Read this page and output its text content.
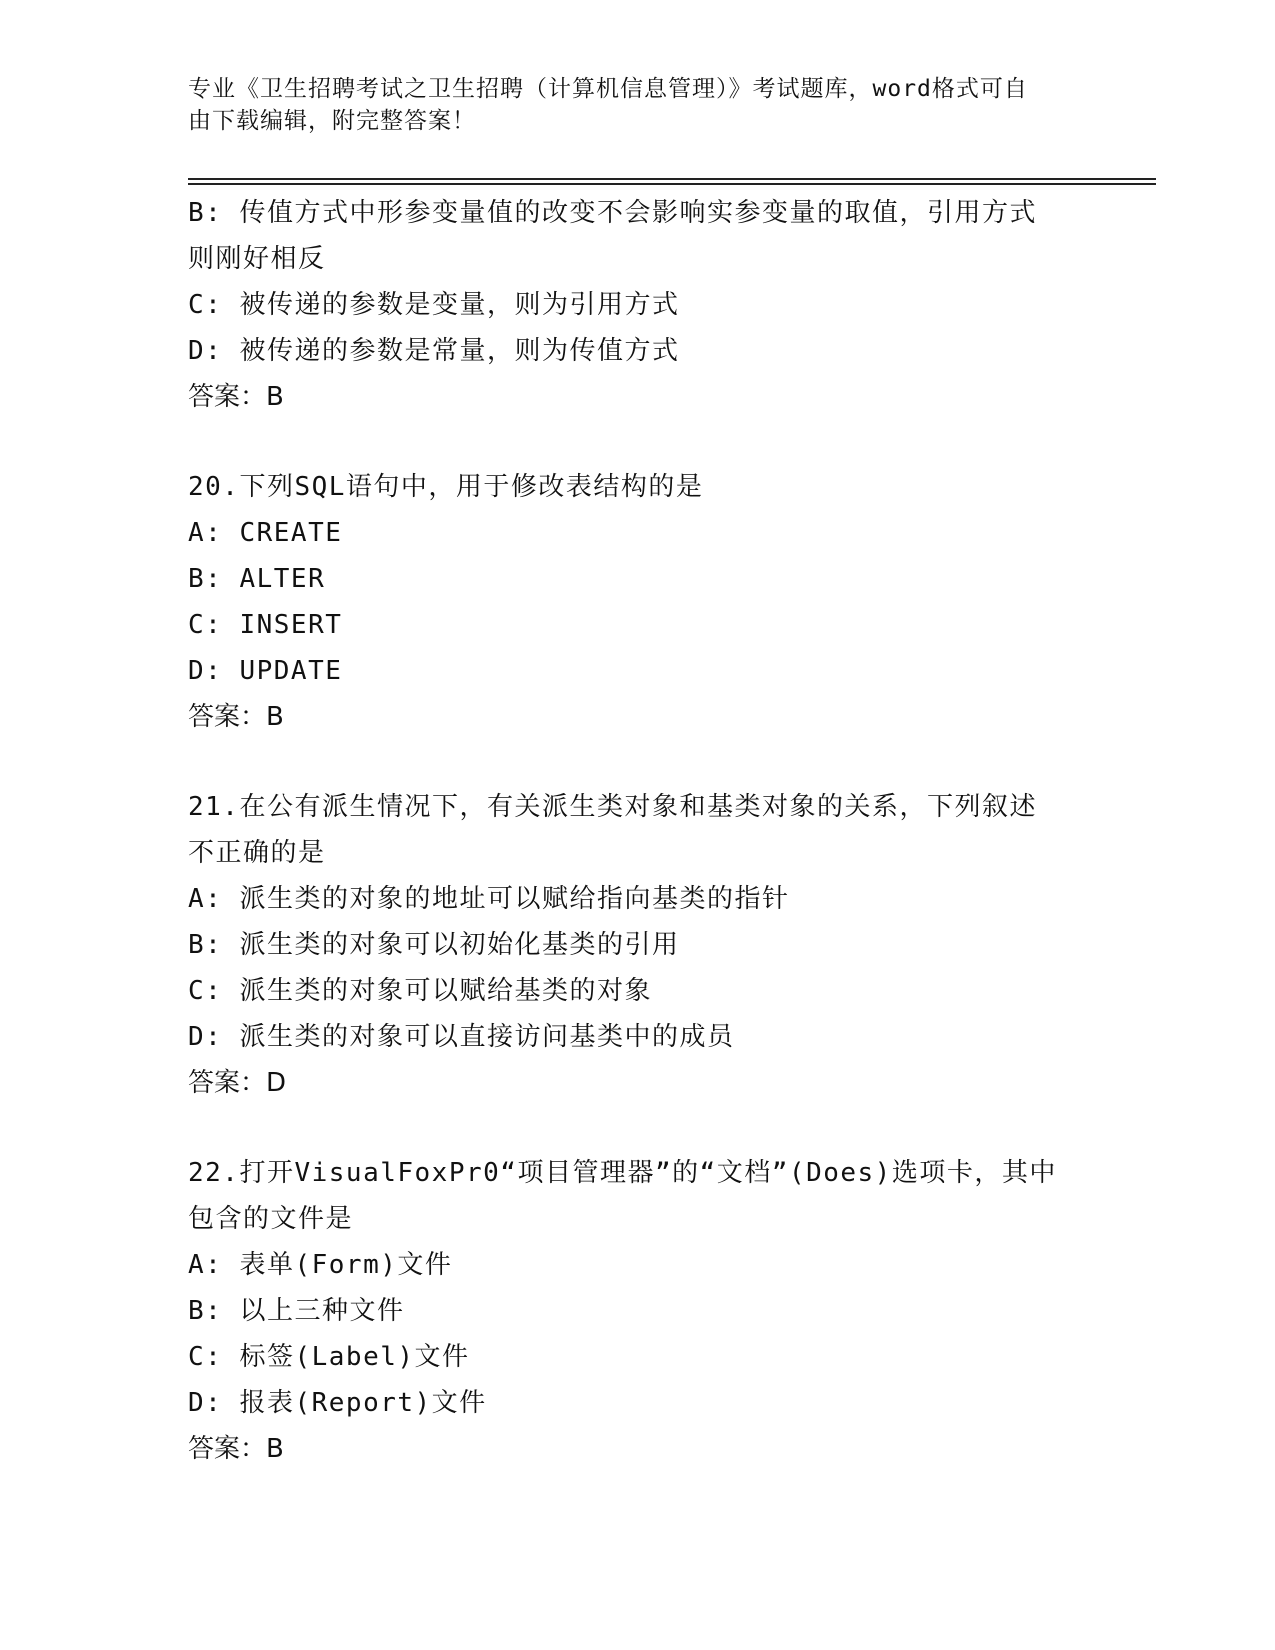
专业《卫生招聘考试之卫生招聘（计算机信息管理）》考试题库，word格式可自
由下载编辑，附完整答案！
B: 传值方式中形参变量值的改变不会影响实参变量的取值，引用方式
则刚好相反
C: 被传递的参数是变量，则为引用方式
D: 被传递的参数是常量，则为传值方式
答案：B
20.下列SQL语句中，用于修改表结构的是
A: CREATE
B: ALTER
C: INSERT
D: UPDATE
答案：B
21.在公有派生情况下，有关派生类对象和基类对象的关系，下列叙述
不正确的是
A: 派生类的对象的地址可以赋给指向基类的指针
B: 派生类的对象可以初始化基类的引用
C: 派生类的对象可以赋给基类的对象
D: 派生类的对象可以直接访问基类中的成员
答案：D
22.打开VisualFoxPr0“项目管理器”的“文档”(Does)选项卡，其中
包含的文件是
A: 表单(Form)文件
B: 以上三种文件
C: 标签(Label)文件
D: 报表(Report)文件
答案：B
